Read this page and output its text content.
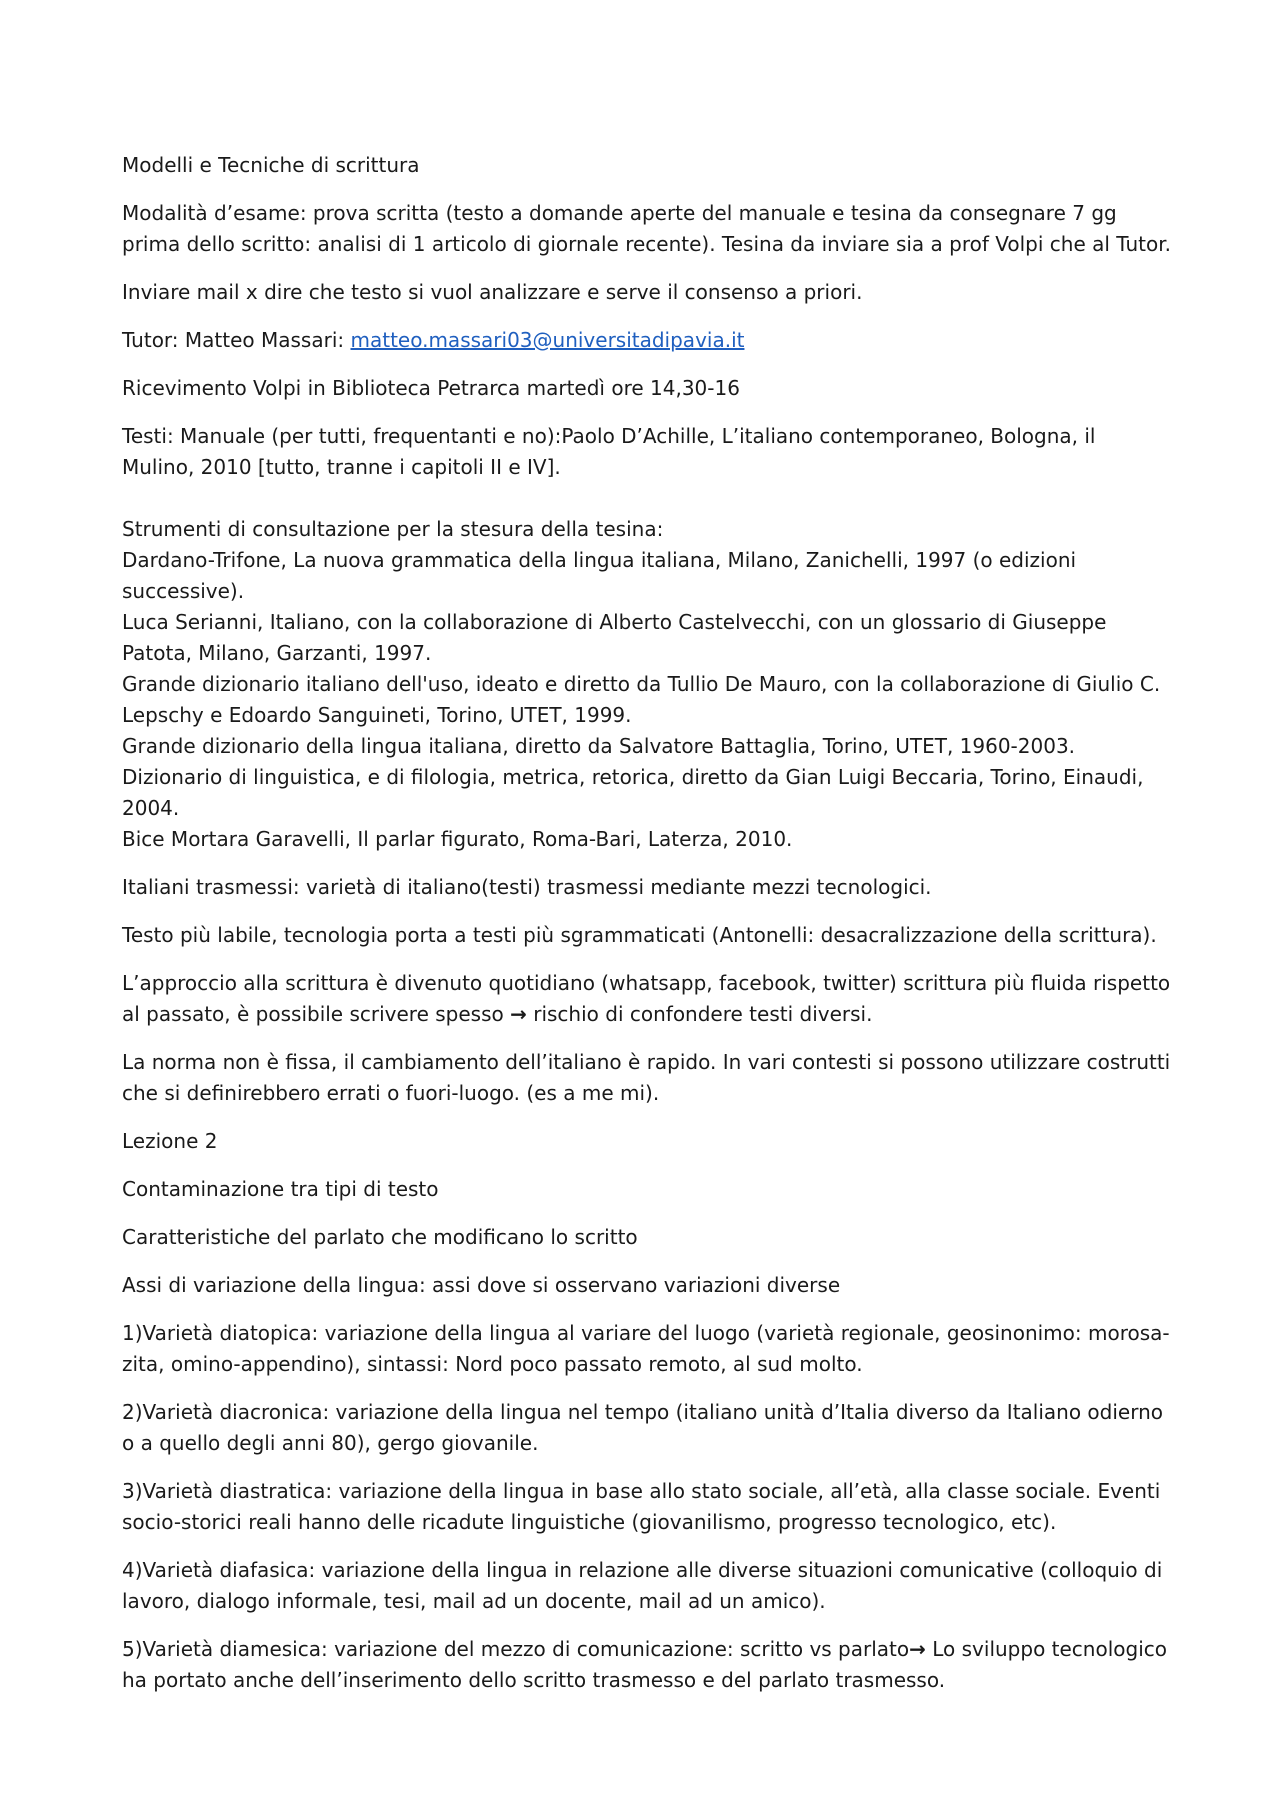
Modelli e Tecniche di scrittura

Modalità d’esame: prova scritta (testo a domande aperte del manuale e tesina da consegnare 7 gg prima dello scritto: analisi di 1 articolo di giornale recente). Tesina da inviare sia a prof Volpi che al Tutor.

Inviare mail x dire che testo si vuol analizzare e serve il consenso a priori.

Tutor: Matteo Massari: matteo.massari03@universitadipavia.it

Ricevimento Volpi in Biblioteca Petrarca martedì ore 14,30-16

Testi: Manuale (per tutti, frequentanti e no):Paolo D’Achille, L’italiano contemporaneo, Bologna, il Mulino, 2010 [tutto, tranne i capitoli II e IV].

Strumenti di consultazione per la stesura della tesina:
Dardano-Trifone, La nuova grammatica della lingua italiana, Milano, Zanichelli, 1997 (o edizioni successive).
Luca Serianni, Italiano, con la collaborazione di Alberto Castelvecchi, con un glossario di Giuseppe Patota, Milano, Garzanti, 1997.
Grande dizionario italiano dell'uso, ideato e diretto da Tullio De Mauro, con la collaborazione di Giulio C. Lepschy e Edoardo Sanguineti, Torino, UTET, 1999.
Grande dizionario della lingua italiana, diretto da Salvatore Battaglia, Torino, UTET, 1960-2003.
Dizionario di linguistica, e di filologia, metrica, retorica, diretto da Gian Luigi Beccaria, Torino, Einaudi, 2004.
Bice Mortara Garavelli, Il parlar figurato, Roma-Bari, Laterza, 2010.

Italiani trasmessi: varietà di italiano(testi) trasmessi mediante mezzi tecnologici.

Testo più labile, tecnologia porta a testi più sgrammaticati (Antonelli: desacralizzazione della scrittura).

L’approccio alla scrittura è divenuto quotidiano (whatsapp, facebook, twitter) scrittura più fluida rispetto al passato, è possibile scrivere spesso → rischio di confondere testi diversi.

La norma non è fissa, il cambiamento dell’italiano è rapido. In vari contesti si possono utilizzare costrutti che si definirebbero errati o fuori-luogo. (es a me mi).

Lezione 2

Contaminazione tra tipi di testo

Caratteristiche del parlato che modificano lo scritto

Assi di variazione della lingua: assi dove si osservano variazioni diverse

1)Varietà diatopica: variazione della lingua al variare del luogo (varietà regionale, geosinonimo: morosa-zita, omino-appendino), sintassi: Nord poco passato remoto, al sud molto.

2)Varietà diacronica: variazione della lingua nel tempo (italiano unità d’Italia diverso da Italiano odierno o a quello degli anni 80), gergo giovanile.

3)Varietà diastratica: variazione della lingua in base allo stato sociale, all’età, alla classe sociale. Eventi socio-storici reali hanno delle ricadute linguistiche (giovanilismo, progresso tecnologico, etc).

4)Varietà diafasica: variazione della lingua in relazione alle diverse situazioni comunicative (colloquio di lavoro, dialogo informale, tesi, mail ad un docente, mail ad un amico).

5)Varietà diamesica: variazione del mezzo di comunicazione: scritto vs parlato→ Lo sviluppo tecnologico ha portato anche dell’inserimento dello scritto trasmesso e del parlato trasmesso.
